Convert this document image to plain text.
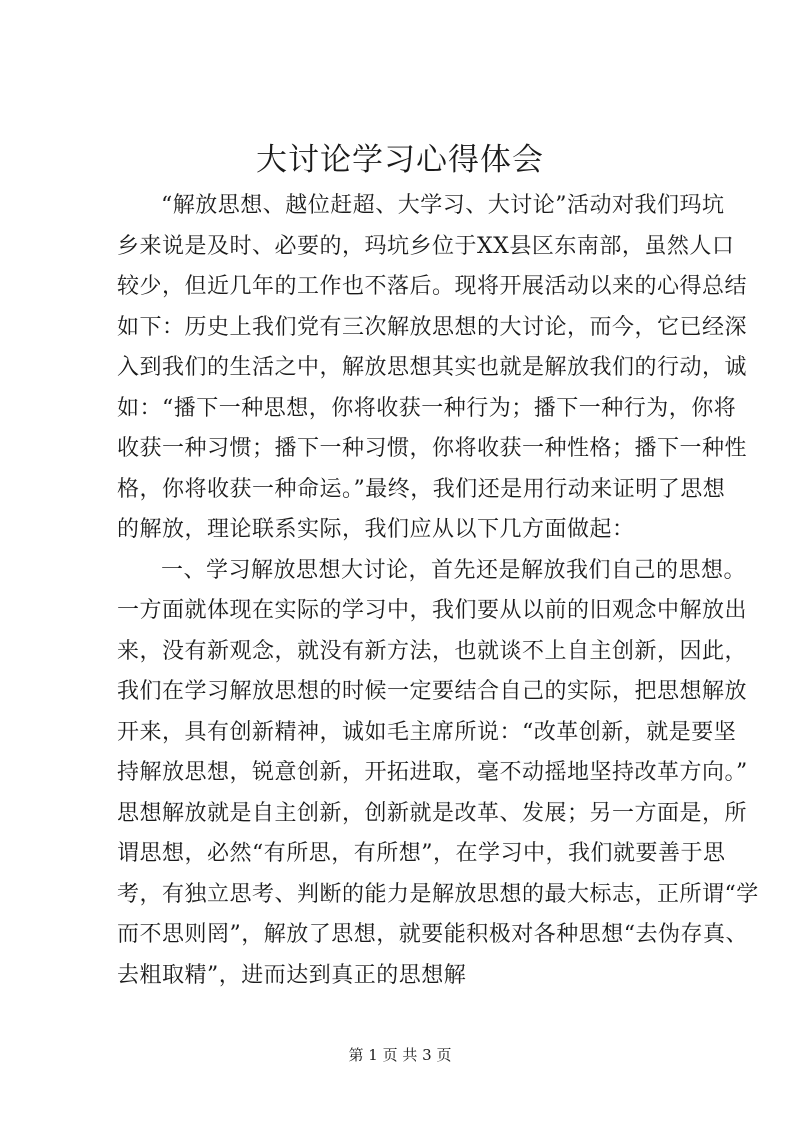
大讨论学习心得体会
“解放思想、越位赶超、大学习、大讨论”活动对我们玛坑
乡来说是及时、必要的，玛坑乡位于XX县区东南部，虽然人口
较少，但近几年的工作也不落后。现将开展活动以来的心得总结
如下：历史上我们党有三次解放思想的大讨论，而今，它已经深
入到我们的生活之中，解放思想其实也就是解放我们的行动，诚
如：“播下一种思想，你将收获一种行为；播下一种行为，你将
收获一种习惯；播下一种习惯，你将收获一种性格；播下一种性
格，你将收获一种命运。”最终，我们还是用行动来证明了思想
的解放，理论联系实际，我们应从以下几方面做起：
一、学习解放思想大讨论，首先还是解放我们自己的思想。
一方面就体现在实际的学习中，我们要从以前的旧观念中解放出
来，没有新观念，就没有新方法，也就谈不上自主创新，因此，
我们在学习解放思想的时候一定要结合自己的实际，把思想解放
开来，具有创新精神，诚如毛主席所说：“改革创新，就是要坚
持解放思想，锐意创新，开拓进取，毫不动摇地坚持改革方向。”
思想解放就是自主创新，创新就是改革、发展；另一方面是，所
谓思想，必然“有所思，有所想”，在学习中，我们就要善于思
考，有独立思考、判断的能力是解放思想的最大标志，正所谓“学
而不思则罔”，解放了思想，就要能积极对各种思想“去伪存真、
去粗取精”，进而达到真正的思想解
第 1 页 共 3 页
